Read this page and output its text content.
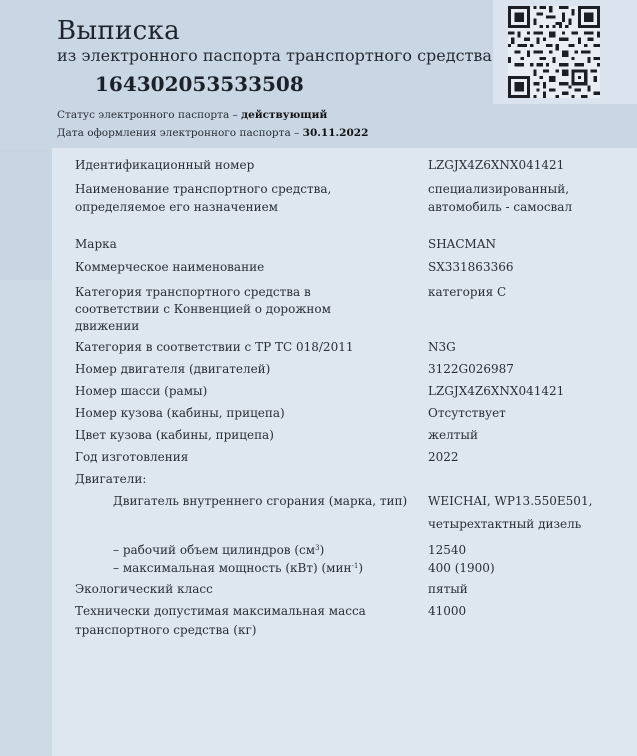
Выписка
из электронного паспорта транспортного средства
164302053533508
Статус электронного паспорта – действующий
Дата оформления электронного паспорта – 30.11.2022
Идентификационный номер	LZGJX4Z6XNX041421
Наименование транспортного средства,	специализированный,
определяемое его назначением	автомобиль - самосвал
Марка	SHACMAN
Коммерческое наименование	SX331863366
Категория транспортного средства в	категория С
соответствии с Конвенцией о дорожном
движении
Категория в соответствии с ТР ТС 018/2011	N3G
Номер двигателя (двигателей)	3122G026987
Номер шасси (рамы)	LZGJX4Z6XNX041421
Номер кузова (кабины, прицепа)	Отсутствует
Цвет кузова (кабины, прицепа)	желтый
Год изготовления	2022
Двигатели:
Двигатель внутреннего сгорания (марка, тип)	WEICHAI, WP13.550E501,
четырехтактный дизель
– рабочий объем цилиндров $(см^3)$	12540
– максимальная мощность (кВт) (мин$^{-1}$)	400 (1900)
Экологический класс	пятый
Технически допустимая максимальная масса	41000
транспортного средства (кг)
